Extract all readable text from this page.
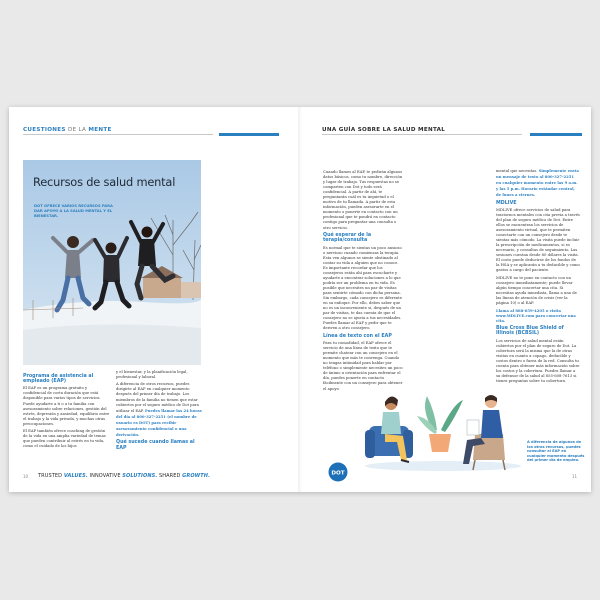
CUESTIONES DE LA MENTE	UNA GUÍA SOBRE LA SALUD MENTAL
Recursos de salud mental
DOT OFRECE VARIOS RECURSOS PARA DAR APOYO A LA SALUD MENTAL Y EL BIENESTAR.
Programa de asistencia al empleado (EAP)

El EAP es un programa gratuito y confidencial de corta duración que está disponible para varios tipos de servicios. Puede ayudarte a ti o a tu familia con asesoramiento sobre relaciones, gestión del estrés, depresión y ansiedad, equilibrio entre el trabajo y la vida privada, y muchas otras preocupaciones.

El EAP también ofrece coaching de gestión de la vida en una amplia variedad de temas que pueden contribuir al estrés en tu vida, como el cuidado de los hijos

y el bienestar, y la planificación legal, profesional y laboral.

A diferencia de otros recursos, puedes dirigirte al EAP en cualquier momento después del primer día de trabajo. Los miembros de la familia no tienen que estar cubiertos por el seguro médico de Dot para utilizar el EAP. Puedes llamar las 24 horas del día al 800-327-2251 (el nombre de usuario es DOT) para recibir asesoramiento confidencial o una derivación.

Qué sucede cuando llamas al EAP

Cuando llames al EAP, te pedirán algunos datos básicos, como tu nombre, dirección y lugar de trabajo. Tus respuestas no se comparten con Dot y todo será confidencial. A partir de ahí, te preguntarán cuál es tu inquietud o el motivo de tu llamada. A partir de esta información, pueden asesorarte en el momento o ponerte en contacto con un profesional que te pondrá en contacto contigo para preguntar una consulta o otro servicio.

Qué esperar de la terapia/consulta

Es normal que te sientas un poco ansioso o nervioso cuando comienzas la terapia. Esta ven algunos se siente obstinado al contar su vida a alguien que no conoce. Es importante recordar que los consejeros están ahí para escucharte y ayudarte a encontrar soluciones a lo que podría ser un problema en tu vida. Es posible que necesites un par de visitas para sentirte cómodo con dicha persona. Sin embargo, cada consejero es diferente en su enfoque. Por ello, debes saber que no es un inconveniente si, después de un par de visitas, te das cuenta de que el consejero no se ajusta a tus necesidades. Puedes llamar al EAP y pedir que te deriven a otro consejero.

Línea de texto con el EAP

Para tu comodidad, el EAP ofrece el servicio de una línea de texto que te permite chatear con un consejero en el momento que más te convenga. Cuando no tengas intimidad para hablar por teléfono o simplemente necesites un poco de ánimo u orientación para enfrentar el día, puedes ponerte en contacto fácilmente con un consejero para obtener el apoyo

mental que necesitas. Simplemente envía un mensaje de texto al 800-327-2251 en cualquier momento entre las 9 a.m. y las 5 p.m. Horario estándar central, de lunes a viernes.

MDLIVE

MDLIVE ofrece servicios de salud para trastornos mentales con cita previa a través del plan de seguro médico de Dot. Entre ellos se encuentran los servicios de asesoramiento virtual, que te permiten conectarte con un consejero desde te sientas más cómodo. La visita puede incluir la prescripción de medicamentos, si es necesario, y consultas de seguimiento. Las sesiones cuestan desde 80 dólares la visita. El costo puede deducirse de los fondos de la HSA y se aplicarán a tu deducible y como gastos a cargo del paciente.

MDLIVE no te pone en contacto con un consejero inmediatamente; puede llevar algún tiempo concertar una cita. Si necesitas ayuda inmediata, llama a una de las líneas de atención de crisis (ver la página 10) o al EAP.

Llama al 888-659-4205 o visita www.MDLIVE.com para concertar una cita.

Blue Cross Blue Shield of Illinois (BCBSIL)

Los servicios de salud mental están cubiertos por el plan de seguro de Dot. La cobertura será la misma que la de otras visitas en cuanto a copago, deducible y costos dentro o fuera de la red. Consulta tu cuenta para obtener más información sobre los costos y la cobertura. Puedes llamar a su defensor de la salud al 855-608-7613 si tienes preguntas sobre tu cobertura.

A diferencia de algunos de los otros recursos, puedes consultar el EAP en cualquier momento después del primer día de empleo.
10 TRUSTED VALUES. INNOVATIVE SOLUTIONS. SHARED GROWTH.	DOT
11
